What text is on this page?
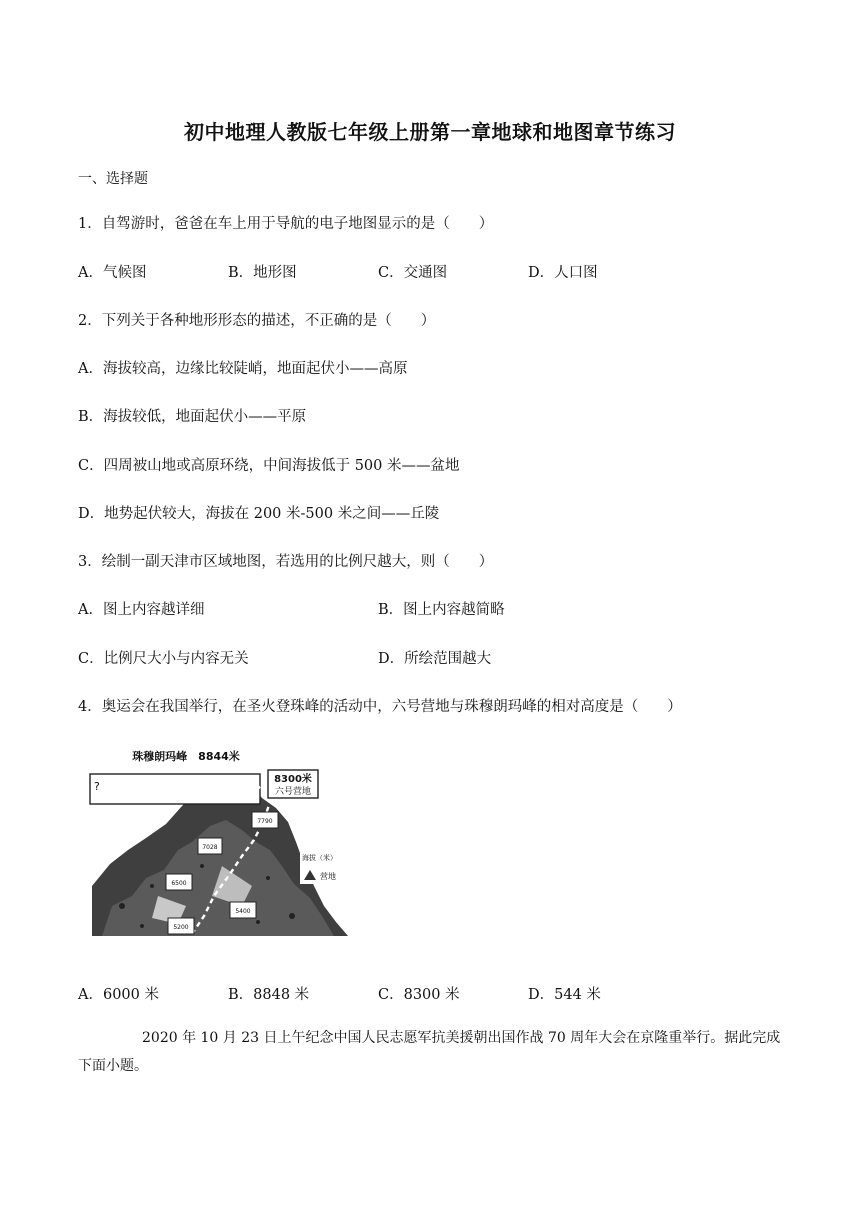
初中地理人教版七年级上册第一章地球和地图章节练习
一、选择题
1．自驾游时，爸爸在车上用于导航的电子地图显示的是（　　）
A．气候图	B．地形图	C．交通图	D．人口图
2．下列关于各种地形形态的描述，不正确的是（　　）
A．海拔较高，边缘比较陡峭，地面起伏小——高原
B．海拔较低，地面起伏小——平原
C．四周被山地或高原环绕，中间海拔低于 500 米——盆地
D．地势起伏较大，海拔在 200 米-500 米之间——丘陵
3．绘制一副天津市区域地图，若选用的比例尺越大，则（　　）
A．图上内容越详细	B．图上内容越简略
C．比例尺大小与内容无关	D．所绘范围越大
4．奥运会在我国举行，在圣火登珠峰的活动中，六号营地与珠穆朗玛峰的相对高度是（　　）
珠穆朗玛峰　8844米
?
8300米
六号营地
7790
7028
6500
5400
5200
海拔（米）
营地
A．6000 米	B．8848 米	C．8300 米	D．544 米
2020 年 10 月 23 日上午纪念中国人民志愿军抗美援朝出国作战 70 周年大会在京隆重举行。据此完成下面小题。
